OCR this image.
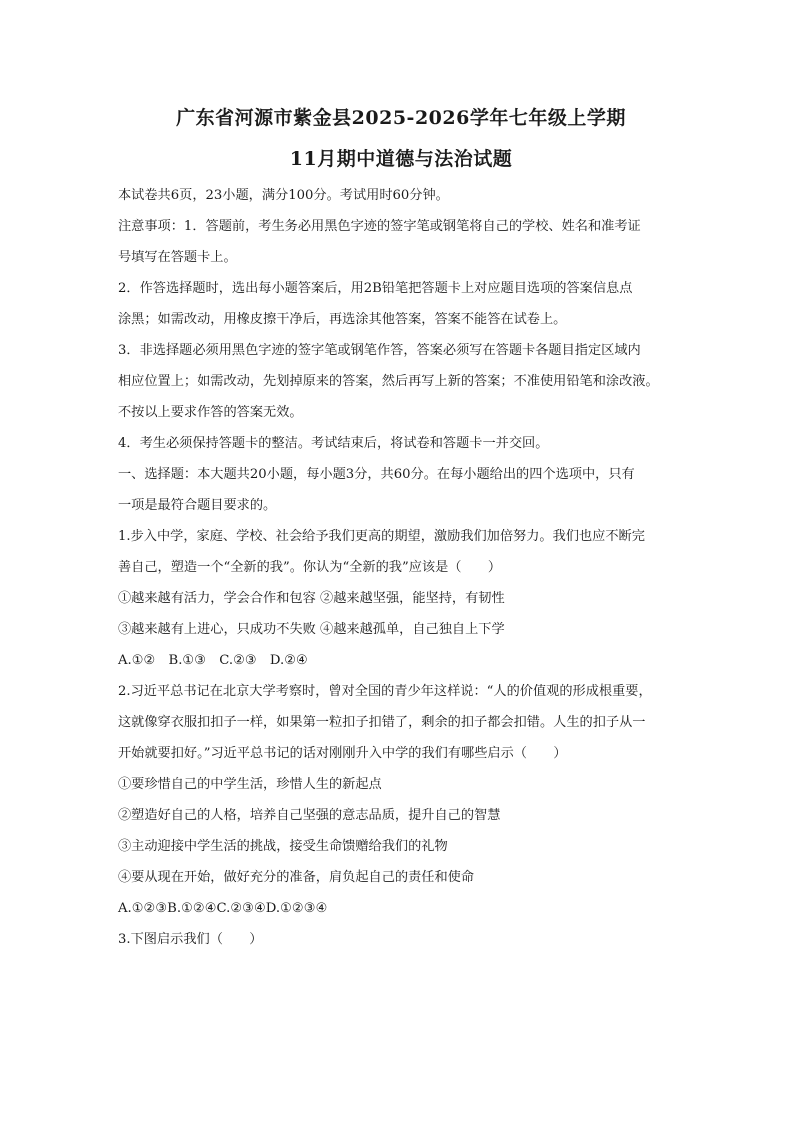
广东省河源市紫金县2025-2026学年七年级上学期
11月期中道德与法治试题

本试卷共6页，23小题，满分100分。考试用时60分钟。

注意事项：1．答题前，考生务必用黑色字迹的签字笔或钢笔将自己的学校、姓名和准考证

号填写在答题卡上。

2．作答选择题时，选出每小题答案后，用2B铅笔把答题卡上对应题目选项的答案信息点

涂黑；如需改动，用橡皮擦干净后，再选涂其他答案，答案不能答在试卷上。

3．非选择题必须用黑色字迹的签字笔或钢笔作答，答案必须写在答题卡各题目指定区域内

相应位置上；如需改动，先划掉原来的答案，然后再写上新的答案；不准使用铅笔和涂改液。

不按以上要求作答的答案无效。

4．考生必须保持答题卡的整洁。考试结束后，将试卷和答题卡一并交回。

一、选择题：本大题共20小题，每小题3分，共60分。在每小题给出的四个选项中，只有

一项是最符合题目要求的。

1.步入中学，家庭、学校、社会给予我们更高的期望，激励我们加倍努力。我们也应不断完

善自己，塑造一个“全新的我”。你认为“全新的我”应该是（　　）

①越来越有活力，学会合作和包容 ②越来越坚强，能坚持，有韧性

③越来越有上进心，只成功不失败 ④越来越孤单，自己独自上下学

A.①②　B.①③　C.②③　D.②④

2.习近平总书记在北京大学考察时，曾对全国的青少年这样说：“人的价值观的形成根重要，

这就像穿衣服扣扣子一样，如果第一粒扣子扣错了，剩余的扣子都会扣错。人生的扣子从一

开始就要扣好。”习近平总书记的话对刚刚升入中学的我们有哪些启示（　　）

①要珍惜自己的中学生活，珍惜人生的新起点

②塑造好自己的人格，培养自己坚强的意志品质，提升自己的智慧

③主动迎接中学生活的挑战，接受生命馈赠给我们的礼物

④要从现在开始，做好充分的准备，肩负起自己的责任和使命

A.①②③B.①②④C.②③④D.①②③④

3.下图启示我们（　　）
